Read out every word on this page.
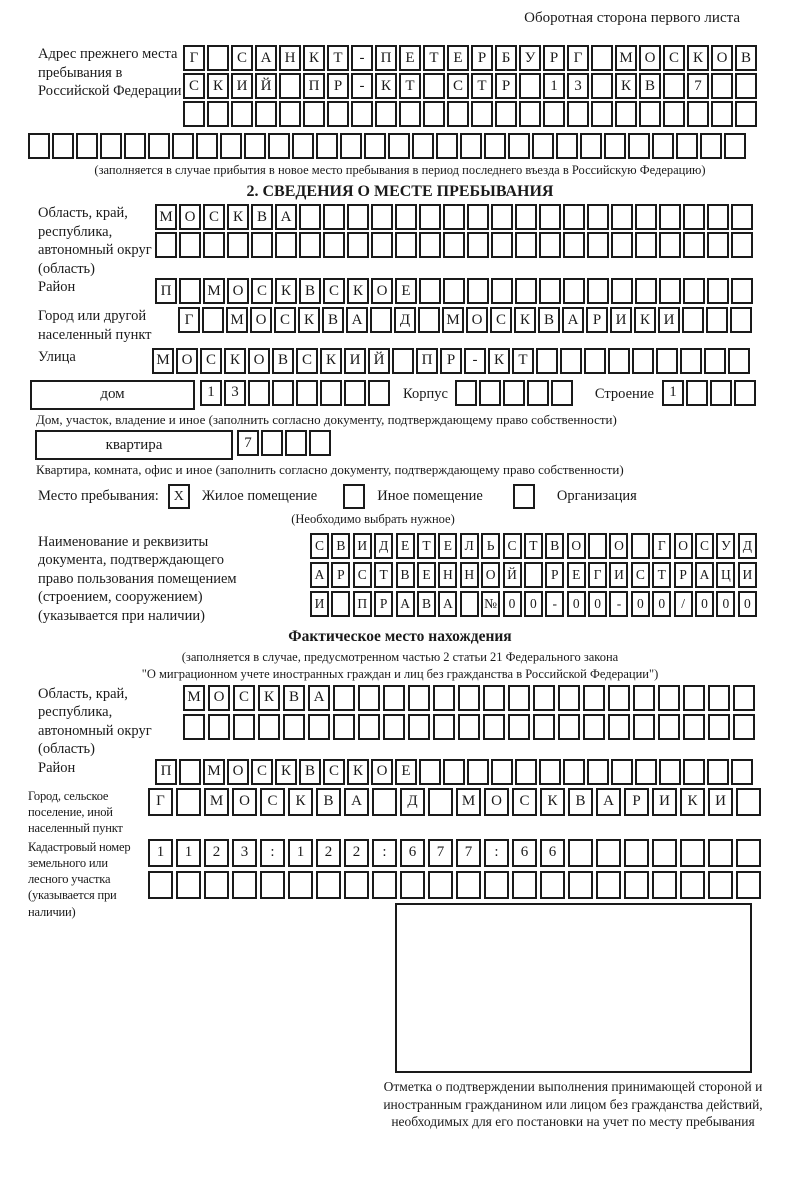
Оборотная сторона первого листа
Адрес прежнего места пребывания в Российской Федерации
Г	С А Н К Т	-	П Е Т Е	Р	Б У Р	Г	М О С К О В
С К И Й	П Р	-	К Т	С Т	Р	1	3	К В	7
(заполняется в случае прибытия в новое место пребывания в период последнего въезда в Российскую Федерацию)
2. СВЕДЕНИЯ О МЕСТЕ ПРЕБЫВАНИЯ
Область, край, республика, автономный округ (область)
М О С К В А
Район	П	М О С К В С К О Е
Город или другой населенный пункт
Г	М О С К В А	Д	М О С К В А Р И К И
Улица	М О С К О В С К И Й	П Р	-	К Т
дом	1	3	Корпус	Строение	1
Дом, участок, владение и иное (заполнить согласно документу, подтверждающему право собственности)
квартира	7
Квартира, комната, офис и иное (заполнить согласно документу, подтверждающему право собственности)
Место пребывания:	X	Жилое помещение	Иное помещение	Организация
(Необходимо выбрать нужное)
Наименование и реквизиты документа, подтверждающего право пользования помещением (строением, сооружением) (указывается при наличии)
С В И Д Е Т Е Л Ь С Т В О	О	Г О С У Д
А Р С Т В Е Н Н О Й	Р	Е Г И С Т	Р А Ц И
И	П Р А В А	№ 0	0	-	0	0	-	0	0	/	0	0	0
Фактическое место нахождения
(заполняется в случае, предусмотренном частью 2 статьи 21 Федерального закона
"О миграционном учете иностранных граждан и лиц без гражданства в Российской Федерации")
Область, край, республика, автономный округ (область)
М О С К В А
Район	П	М О С К В С К О Е
Город, сельское поселение, иной населенный пункт
Г	М	О	С	К	В	А	Д	М	О	С	К	В	А	Р	И	К	И
Кадастровый номер земельного или лесного участка (указывается при наличии)
1	1	2	3	:	1	2	2	:	6	7	7	:	6	6
Отметка о подтверждении выполнения принимающей стороной и иностранным гражданином или лицом без гражданства действий, необходимых для его постановки на учет по месту пребывания
